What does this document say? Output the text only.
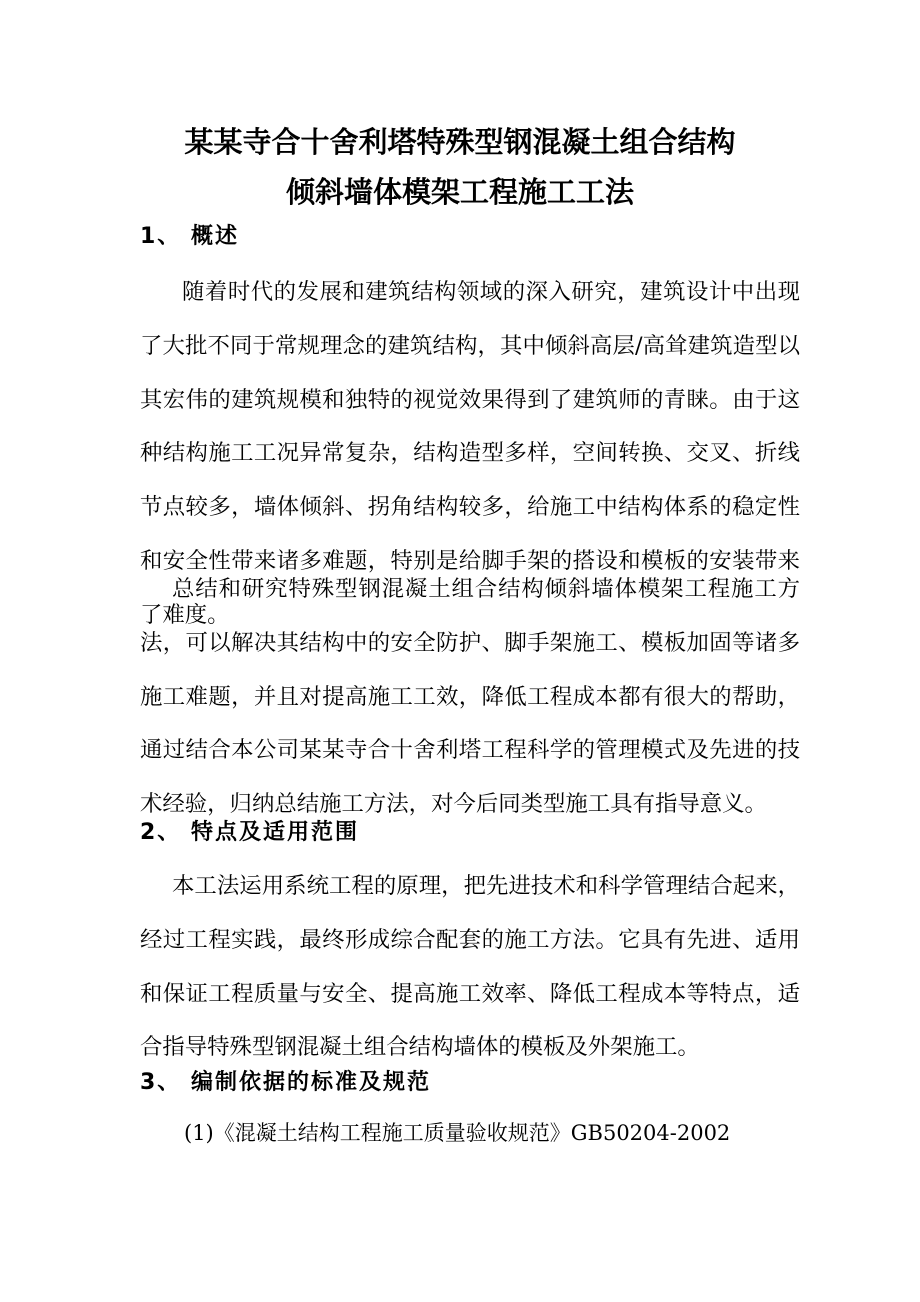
某某寺合十舍利塔特殊型钢混凝土组合结构
倾斜墙体模架工程施工工法
1、 概述
随着时代的发展和建筑结构领域的深入研究，建筑设计中出现了大批不同于常规理念的建筑结构，其中倾斜高层/高耸建筑造型以其宏伟的建筑规模和独特的视觉效果得到了建筑师的青睐。由于这种结构施工工况异常复杂，结构造型多样，空间转换、交叉、折线节点较多，墙体倾斜、拐角结构较多，给施工中结构体系的稳定性和安全性带来诸多难题，特别是给脚手架的搭设和模板的安装带来了难度。
总结和研究特殊型钢混凝土组合结构倾斜墙体模架工程施工方法，可以解决其结构中的安全防护、脚手架施工、模板加固等诸多施工难题，并且对提高施工工效，降低工程成本都有很大的帮助，通过结合本公司某某寺合十舍利塔工程科学的管理模式及先进的技术经验，归纳总结施工方法，对今后同类型施工具有指导意义。
2、 特点及适用范围
本工法运用系统工程的原理，把先进技术和科学管理结合起来，经过工程实践，最终形成综合配套的施工方法。它具有先进、适用和保证工程质量与安全、提高施工效率、降低工程成本等特点，适合指导特殊型钢混凝土组合结构墙体的模板及外架施工。
3、 编制依据的标准及规范
(1)《混凝土结构工程施工质量验收规范》GB50204-2002
